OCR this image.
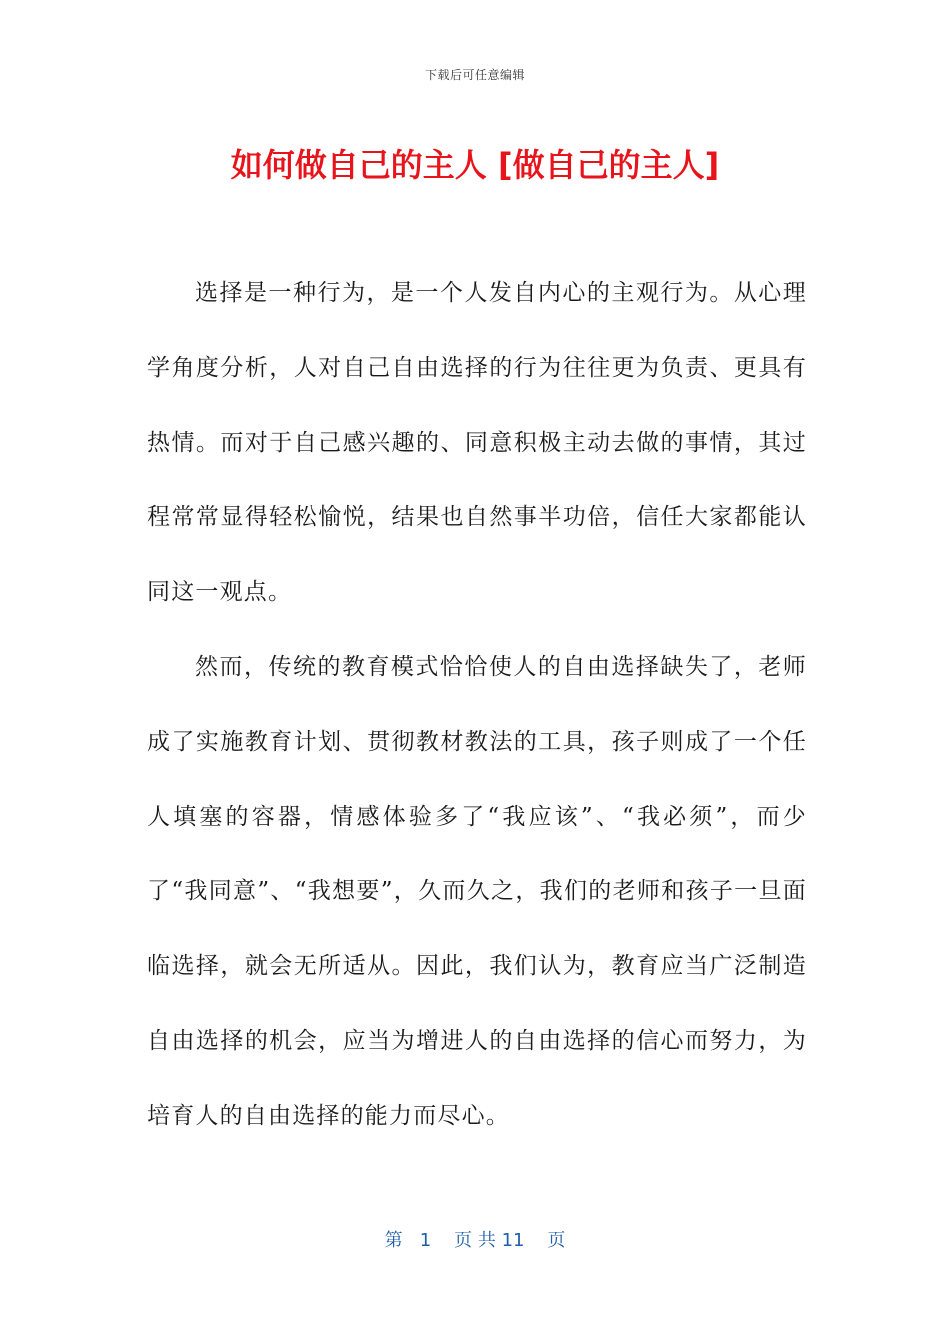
下载后可任意编辑
如何做自己的主人 [做自己的主人]

选择是一种行为，是一个人发自内心的主观行为。从心理学角度分析，人对自己自由选择的行为往往更为负责、更具有热情。而对于自己感兴趣的、同意积极主动去做的事情，其过程常常显得轻松愉悦，结果也自然事半功倍，信任大家都能认同这一观点。

然而，传统的教育模式恰恰使人的自由选择缺失了，老师成了实施教育计划、贯彻教材教法的工具，孩子则成了一个任人填塞的容器，情感体验多了“我应该”、“我必须”，而少了“我同意”、“我想要”，久而久之，我们的老师和孩子一旦面临选择，就会无所适从。因此，我们认为，教育应当广泛制造自由选择的机会，应当为增进人的自由选择的信心而努力，为培育人的自由选择的能力而尽心。

第 1 页 共 11 页
